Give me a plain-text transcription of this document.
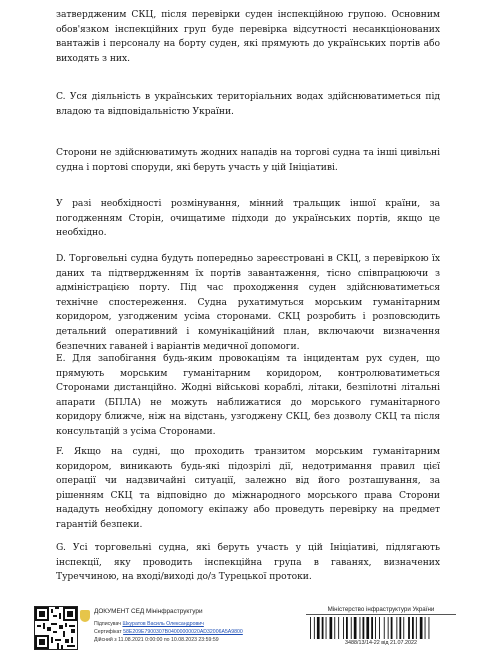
затвердженим СКЦ, після перевірки суден інспекційною групою. Основним обов'язком інспекційних груп буде перевірка відсутності несанкціонованих вантажів і персоналу на борту суден, які прямують до українських портів або виходять з них.
C. Уся діяльність в українських територіальних водах здійснюватиметься під владою та відповідальністю України.
Сторони не здійснюватимуть жодних нападів на торгові судна та інші цивільні судна і портові споруди, які беруть участь у цій Ініціативі.
У разі необхідності розмінування, мінний тральщик іншої країни, за погодженням Сторін, очищатиме підходи до українських портів, якщо це необхідно.
D. Торговельні судна будуть попередньо зареєстровані в СКЦ, з перевіркою їх даних та підтвердженням їх портів завантаження, тісно співпрацюючи з адміністрацією порту. Під час проходження суден здійснюватиметься технічне спостереження. Судна рухатимуться морським гуманітарним коридором, узгодженим усіма сторонами. СКЦ розробить і розповсюдить детальний оперативний і комунікаційний план, включаючи визначення безпечних гаваней і варіантів медичної допомоги.
E. Для запобігання будь-яким провокаціям та інцидентам рух суден, що прямують морським гуманітарним коридором, контролюватиметься Сторонами дистанційно. Жодні військові кораблі, літаки, безпілотні літальні апарати (БПЛА) не можуть наближатися до морського гуманітарного коридору ближче, ніж на відстань, узгоджену СКЦ, без дозволу СКЦ та після консультацій з усіма Сторонами.
F. Якщо на судні, що проходить транзитом морським гуманітарним коридором, виникають будь-які підозрілі дії, недотримання правил цієї операції чи надзвичайні ситуації, залежно від його розташування, за рішенням СКЦ та відповідно до міжнародного морського права Сторони нададуть необхідну допомогу екіпажу або проведуть перевірку на предмет гарантій безпеки.
G. Усі торговельні судна, які беруть участь у цій Ініціативі, підлягають інспекції, яку проводить інспекційна група в гаванях, визначених Туреччиною, на вході/виході до/з Турецької протоки.
ДОКУМЕНТ СЕД Мінінфраструктури
Підписувач Шкуратов Василь Олександрович
Сертифікат 58E209E7900307B04000000020AD32006A5A9800
Дійсний з 11.08.2021 0:00:00 по 10.08.2023 23:59:59
Міністерство інфраструктури України
3488/13/14-22 від 21.07.2022
